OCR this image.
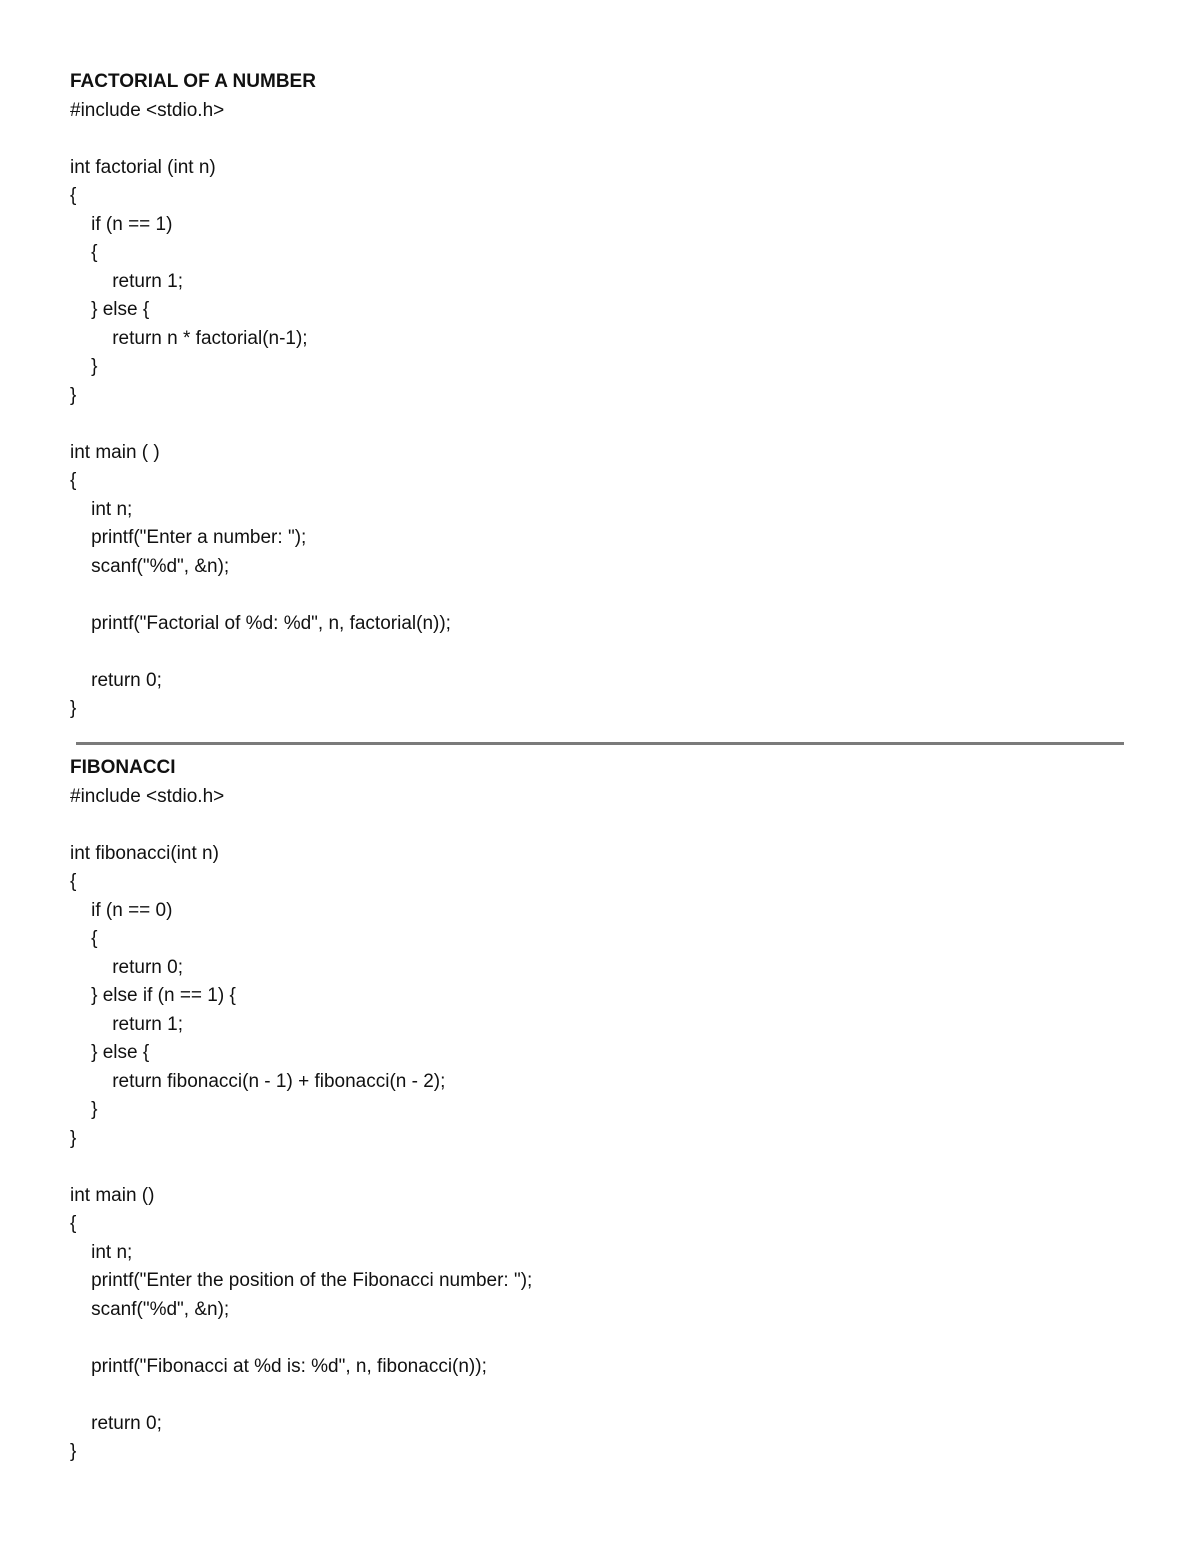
FACTORIAL OF A NUMBER
#include <stdio.h>
int factorial (int n)
{
if (n == 1)
{
return 1;
} else {
return n * factorial(n-1);
}
}
int main ( )
{
int n;
printf("Enter a number: ");
scanf("%d", &n);
printf("Factorial of %d: %d", n, factorial(n));
return 0;
}
FIBONACCI
#include <stdio.h>
int fibonacci(int n)
{
if (n == 0)
{
return 0;
} else if (n == 1) {
return 1;
} else {
return fibonacci(n - 1) + fibonacci(n - 2);
}
}
int main ()
{
int n;
printf("Enter the position of the Fibonacci number: ");
scanf("%d", &n);
printf("Fibonacci at %d is: %d", n, fibonacci(n));
return 0;
}
